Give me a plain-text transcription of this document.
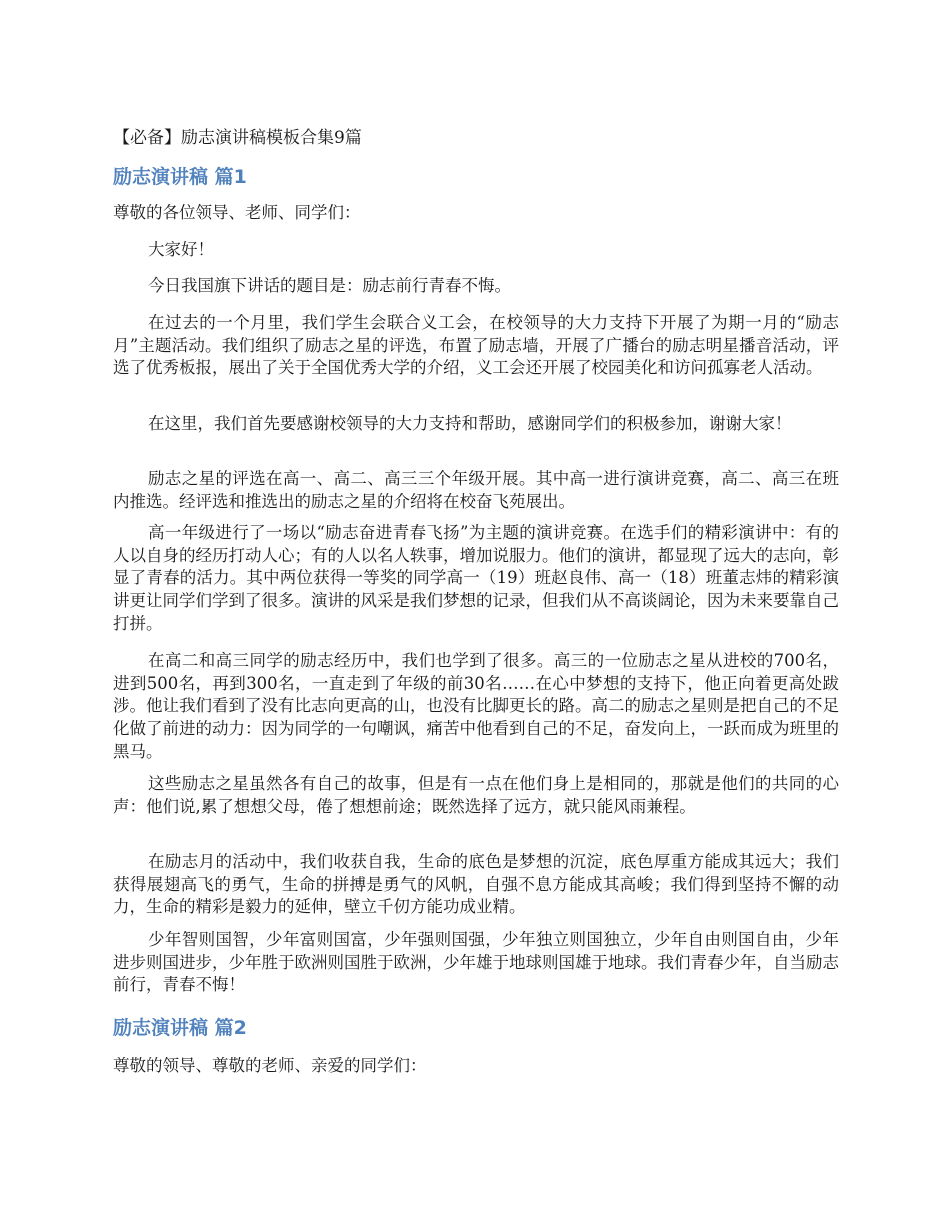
【必备】励志演讲稿模板合集9篇
励志演讲稿 篇1

尊敬的各位领导、老师、同学们：

大家好！

今日我国旗下讲话的题目是：励志前行青春不悔。

在过去的一个月里，我们学生会联合义工会，在校领导的大力支持下开展了为期一月的“励志月”主题活动。我们组织了励志之星的评选，布置了励志墙，开展了广播台的励志明星播音活动，评选了优秀板报，展出了关于全国优秀大学的介绍，义工会还开展了校园美化和访问孤寡老人活动。

在这里，我们首先要感谢校领导的大力支持和帮助，感谢同学们的积极参加，谢谢大家！

励志之星的评选在高一、高二、高三三个年级开展。其中高一进行演讲竞赛，高二、高三在班内推选。经评选和推选出的励志之星的介绍将在校奋飞苑展出。

高一年级进行了一场以“励志奋进青春飞扬”为主题的演讲竞赛。在选手们的精彩演讲中：有的人以自身的经历打动人心；有的人以名人轶事，增加说服力。他们的演讲，都显现了远大的志向，彰显了青春的活力。其中两位获得一等奖的同学高一（19）班赵良伟、高一（18）班董志炜的精彩演讲更让同学们学到了很多。演讲的风采是我们梦想的记录，但我们从不高谈阔论，因为未来要靠自己打拼。

在高二和高三同学的励志经历中，我们也学到了很多。高三的一位励志之星从进校的700名，进到500名，再到300名，一直走到了年级的前30名……在心中梦想的支持下，他正向着更高处跋涉。他让我们看到了没有比志向更高的山，也没有比脚更长的路。高二的励志之星则是把自己的不足化做了前进的动力：因为同学的一句嘲讽，痛苦中他看到自己的不足，奋发向上，一跃而成为班里的黑马。

这些励志之星虽然各有自己的故事，但是有一点在他们身上是相同的，那就是他们的共同的心声：他们说,累了想想父母，倦了想想前途；既然选择了远方，就只能风雨兼程。

在励志月的活动中，我们收获自我，生命的底色是梦想的沉淀，底色厚重方能成其远大；我们获得展翅高飞的勇气，生命的拼搏是勇气的风帆，自强不息方能成其高峻；我们得到坚持不懈的动力，生命的精彩是毅力的延伸，壁立千仞方能功成业精。

少年智则国智，少年富则国富，少年强则国强，少年独立则国独立，少年自由则国自由，少年进步则国进步，少年胜于欧洲则国胜于欧洲，少年雄于地球则国雄于地球。我们青春少年，自当励志前行，青春不悔！

励志演讲稿 篇2

尊敬的领导、尊敬的老师、亲爱的同学们：
